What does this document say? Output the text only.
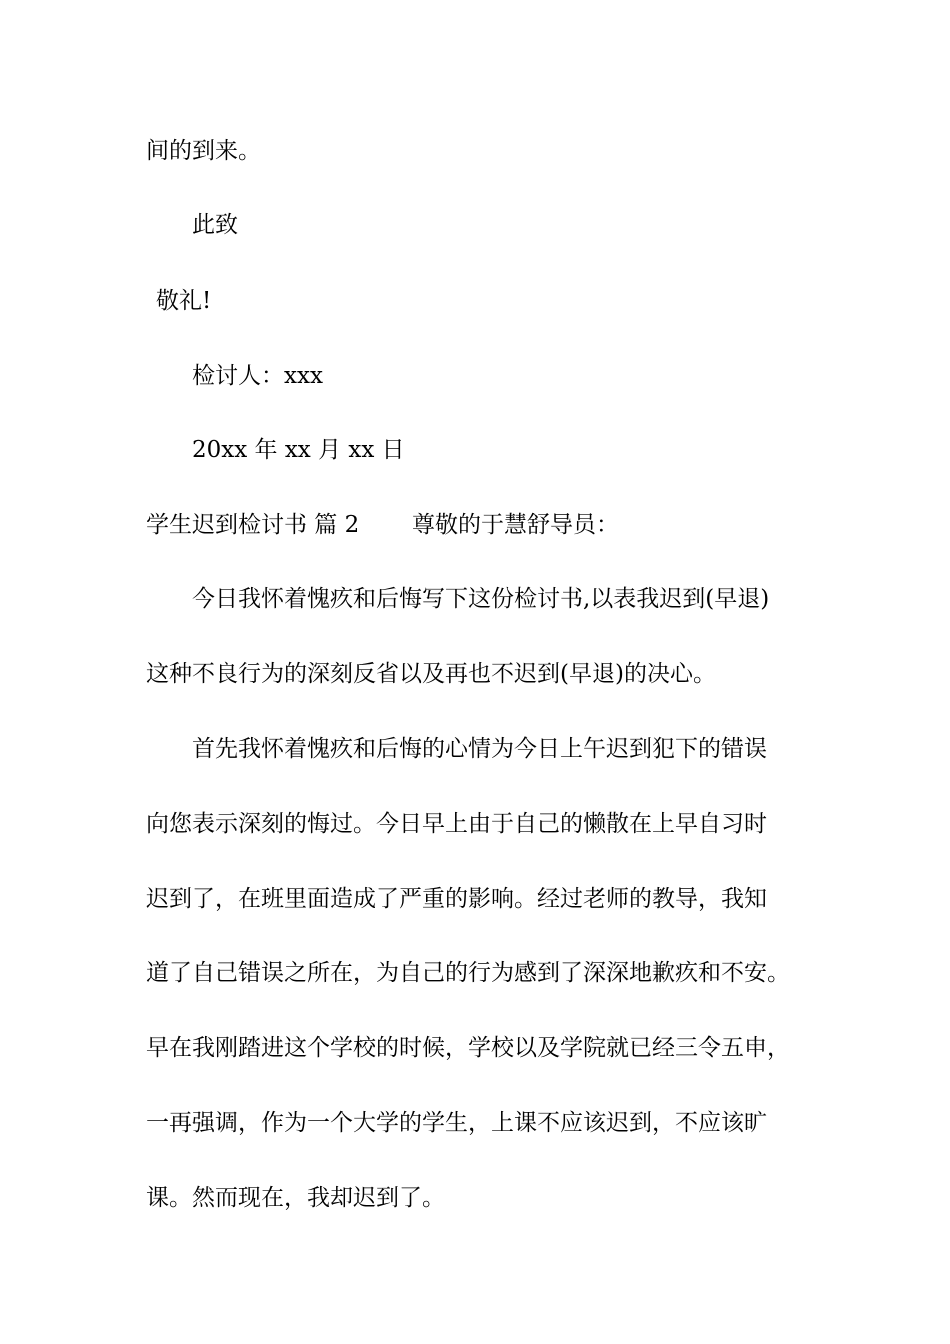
间的到来。
此致
敬礼!
检讨人：xxx
20xx 年 xx 月 xx 日
学生迟到检讨书 篇 2	尊敬的于慧舒导员：
今日我怀着愧疚和后悔写下这份检讨书,以表我迟到(早退)
这种不良行为的深刻反省以及再也不迟到(早退)的决心。
首先我怀着愧疚和后悔的心情为今日上午迟到犯下的错误
向您表示深刻的悔过。今日早上由于自己的懒散在上早自习时
迟到了，在班里面造成了严重的影响。经过老师的教导，我知
道了自己错误之所在，为自己的行为感到了深深地歉疚和不安。
早在我刚踏进这个学校的时候，学校以及学院就已经三令五申，
一再强调，作为一个大学的学生，上课不应该迟到，不应该旷
课。然而现在，我却迟到了。
